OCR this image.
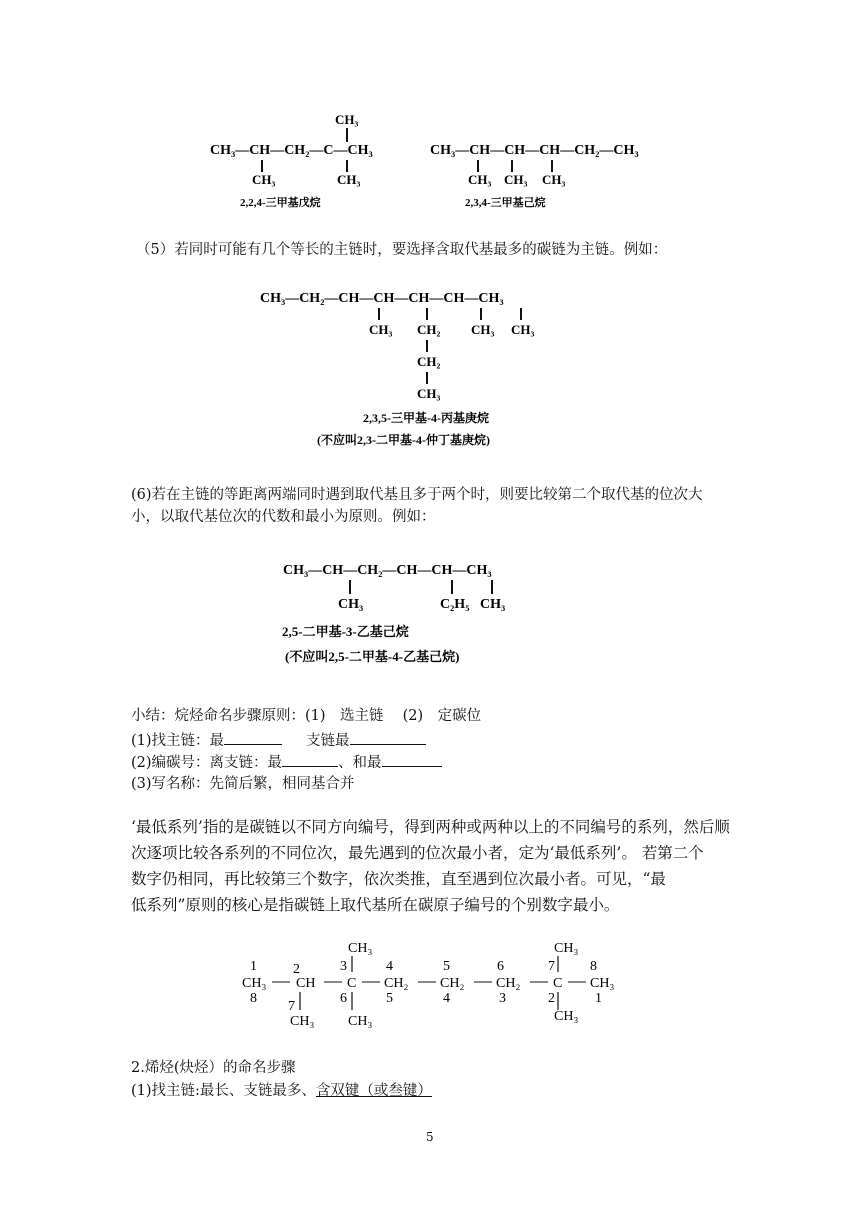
CH₃
CH₃—CH—CH₂—C—CH₃
CH₃	CH₃
2,2,4-三甲基戊烷
CH₃—CH—CH—CH—CH₂—CH₃
CH₃ CH₃ CH₃
2,3,4-三甲基己烷
（5）若同时可能有几个等长的主链时，要选择含取代基最多的碳链为主链。例如：
CH₃—CH₂—CH—CH—CH—CH—CH₃
CH₃ CH₂ CH₃ CH₃
CH₂
CH₃
2,3,5-三甲基-4-丙基庚烷
(不应叫2,3-二甲基-4-仲丁基庚烷)
(6)若在主链的等距离两端同时遇到取代基且多于两个时，则要比较第二个取代基的位次大
小，以取代基位次的代数和最小为原则。例如：
CH₃—CH—CH₂—CH—CH—CH₃
CH₃	C₂H₅ CH₃
2,5-二甲基-3-乙基己烷
(不应叫2,5-二甲基-4-乙基己烷)
小结：烷烃命名步骤原则：(1)　选主链　 (2)　定碳位
(1)找主链：最	支链最
(2)编碳号：离支链：最	、和最
(3)写名称：先简后繁，相同基合并
‘最低系列’指的是碳链以不同方向编号，得到两种或两种以上的不同编号的系列，然后顺
次逐项比较各系列的不同位次，最先遇到的位次最小者，定为‘最低系列’。 若第二个
数字仍相同，再比较第三个数字，依次类推，直至遇到位次最小者。可见，“最
低系列”原则的核心是指碳链上取代基所在碳原子编号的个别数字最小。
CH₃	CH₃
1	2	3	4	5	6	7	8
CH₃ CH C CH₂ CH₂ CH₂ C CH₃
8
7
6	5	4	3	2	1
CH₃ CH₃	CH₃
2.烯烃(炔烃）的命名步骤
(1)找主链:最长、支链最多、含双键（或叁键）
5
